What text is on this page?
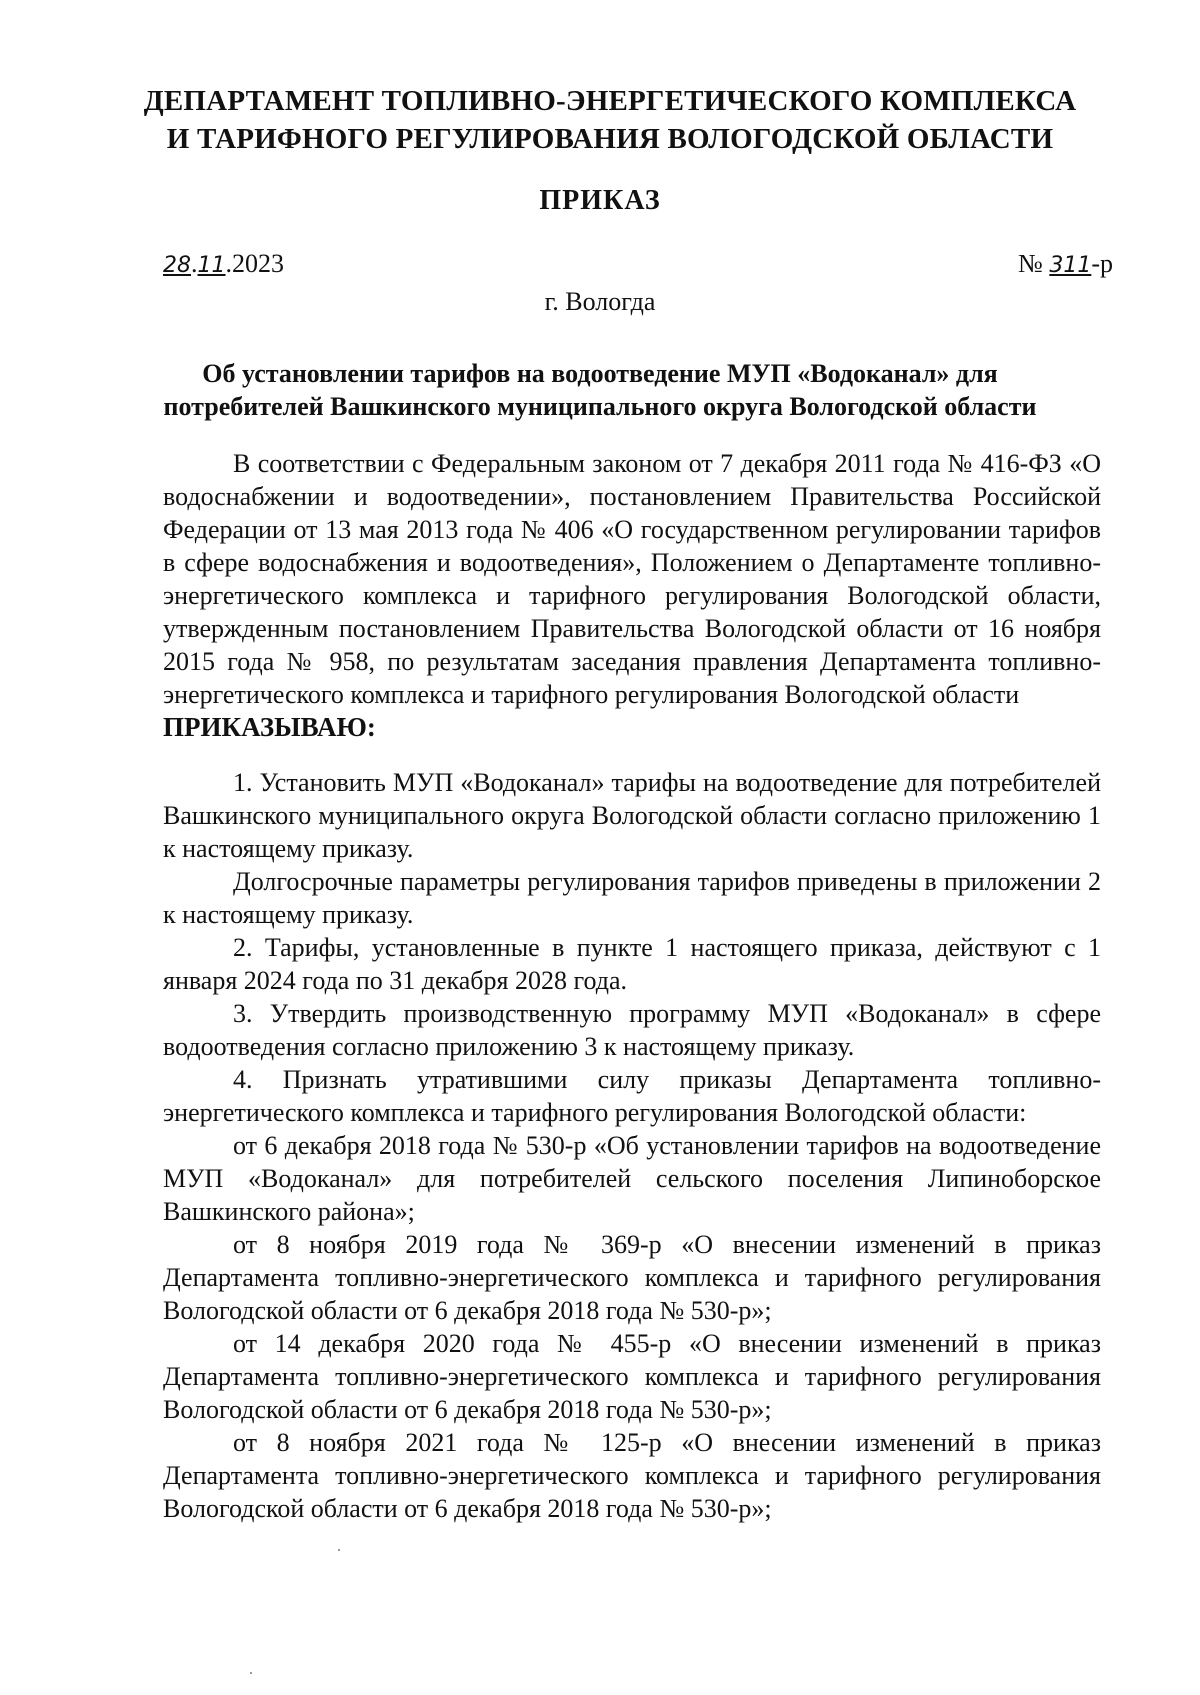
ДЕПАРТАМЕНТ ТОПЛИВНО-ЭНЕРГЕТИЧЕСКОГО КОМПЛЕКСА
И ТАРИФНОГО РЕГУЛИРОВАНИЯ ВОЛОГОДСКОЙ ОБЛАСТИ
ПРИКАЗ
28.11.2023	№ 311-р
г. Вологда
Об установлении тарифов на водоотведение МУП «Водоканал» для
потребителей Вашкинского муниципального округа Вологодской области

В соответствии с Федеральным законом от 7 декабря 2011 года № 416-ФЗ «О водоснабжении и водоотведении», постановлением Правительства Российской Федерации от 13 мая 2013 года № 406 «О государственном регулировании тарифов в сфере водоснабжения и водоотведения», Положением о Департаменте топливно-энергетического комплекса и тарифного регулирования Вологодской области, утвержденным постановлением Правительства Вологодской области от 16 ноября 2015 года № 958, по результатам заседания правления Департамента топливно-энергетического комплекса и тарифного регулирования Вологодской области

ПРИКАЗЫВАЮ:

1. Установить МУП «Водоканал» тарифы на водоотведение для потребителей Вашкинского муниципального округа Вологодской области согласно приложению 1 к настоящему приказу.

Долгосрочные параметры регулирования тарифов приведены в приложении 2 к настоящему приказу.

2. Тарифы, установленные в пункте 1 настоящего приказа, действуют с 1 января 2024 года по 31 декабря 2028 года.

3. Утвердить производственную программу МУП «Водоканал» в сфере водоотведения согласно приложению 3 к настоящему приказу.

4. Признать утратившими силу приказы Департамента топливно-энергетического комплекса и тарифного регулирования Вологодской области:

от 6 декабря 2018 года № 530-р «Об установлении тарифов на водоотведение МУП «Водоканал» для потребителей сельского поселения Липиноборское Вашкинского района»;

от 8 ноября 2019 года № 369-р «О внесении изменений в приказ Департамента топливно-энергетического комплекса и тарифного регулирования Вологодской области от 6 декабря 2018 года № 530-р»;

от 14 декабря 2020 года № 455-р «О внесении изменений в приказ Департамента топливно-энергетического комплекса и тарифного регулирования Вологодской области от 6 декабря 2018 года № 530-р»;

от 8 ноября 2021 года № 125-р «О внесении изменений в приказ Департамента топливно-энергетического комплекса и тарифного регулирования Вологодской области от 6 декабря 2018 года № 530-р»;
